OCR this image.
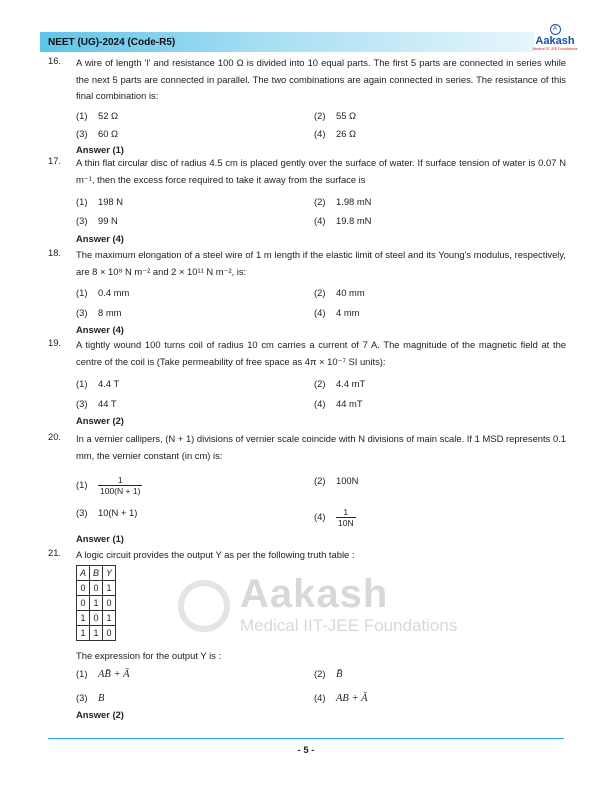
NEET (UG)-2024 (Code-R5)
A
Aakash
Medical IIT-JEE Foundations
Aakash
Medical IIT-JEE Foundations
16. A wire of length 'l' and resistance 100 Ω is divided into 10 equal parts. The first 5 parts are connected in series while the next 5 parts are connected in parallel. The two combinations are again connected in series. The resistance of this final combination is:
(1) 52 Ω	(2) 55 Ω
(3) 60 Ω	(4) 26 Ω
Answer (1)
17. A thin flat circular disc of radius 4.5 cm is placed gently over the surface of water. If surface tension of water is 0.07 N m⁻¹, then the excess force required to take it away from the surface is
(1) 198 N	(2) 1.98 mN
(3) 99 N	(4) 19.8 mN
Answer (4)
18. The maximum elongation of a steel wire of 1 m length if the elastic limit of steel and its Young's modulus, respectively, are 8 × 10⁸ N m⁻² and 2 × 10¹¹ N m⁻², is:
(1) 0.4 mm	(2) 40 mm
(3) 8 mm	(4) 4 mm
Answer (4)
19. A tightly wound 100 turns coil of radius 10 cm carries a current of 7 A. The magnitude of the magnetic field at the centre of the coil is (Take permeability of free space as 4π × 10⁻⁷ SI units):
(1) 4.4 T	(2) 4.4 mT
(3) 44 T	(4) 44 mT
Answer (2)
20. In a vernier callipers, (N + 1) divisions of vernier scale coincide with N divisions of main scale. If 1 MSD represents 0.1 mm, the vernier constant (in cm) is:
$(1) \frac{1}{100(N + 1)}$	(2) 100N
(3) 10(N + 1)	$(4) \frac{1}{10N}$
Answer (1)
21. A logic circuit provides the output Y as per the following truth table :
A	B	Y
0	0	1
0	1	0
1	0	1
1	1	0
The expression for the output Y is :
(1) AB̄ + Ā	(2) B̄
(3) B	(4) AB + Ā
Answer (2)
- 5 -
